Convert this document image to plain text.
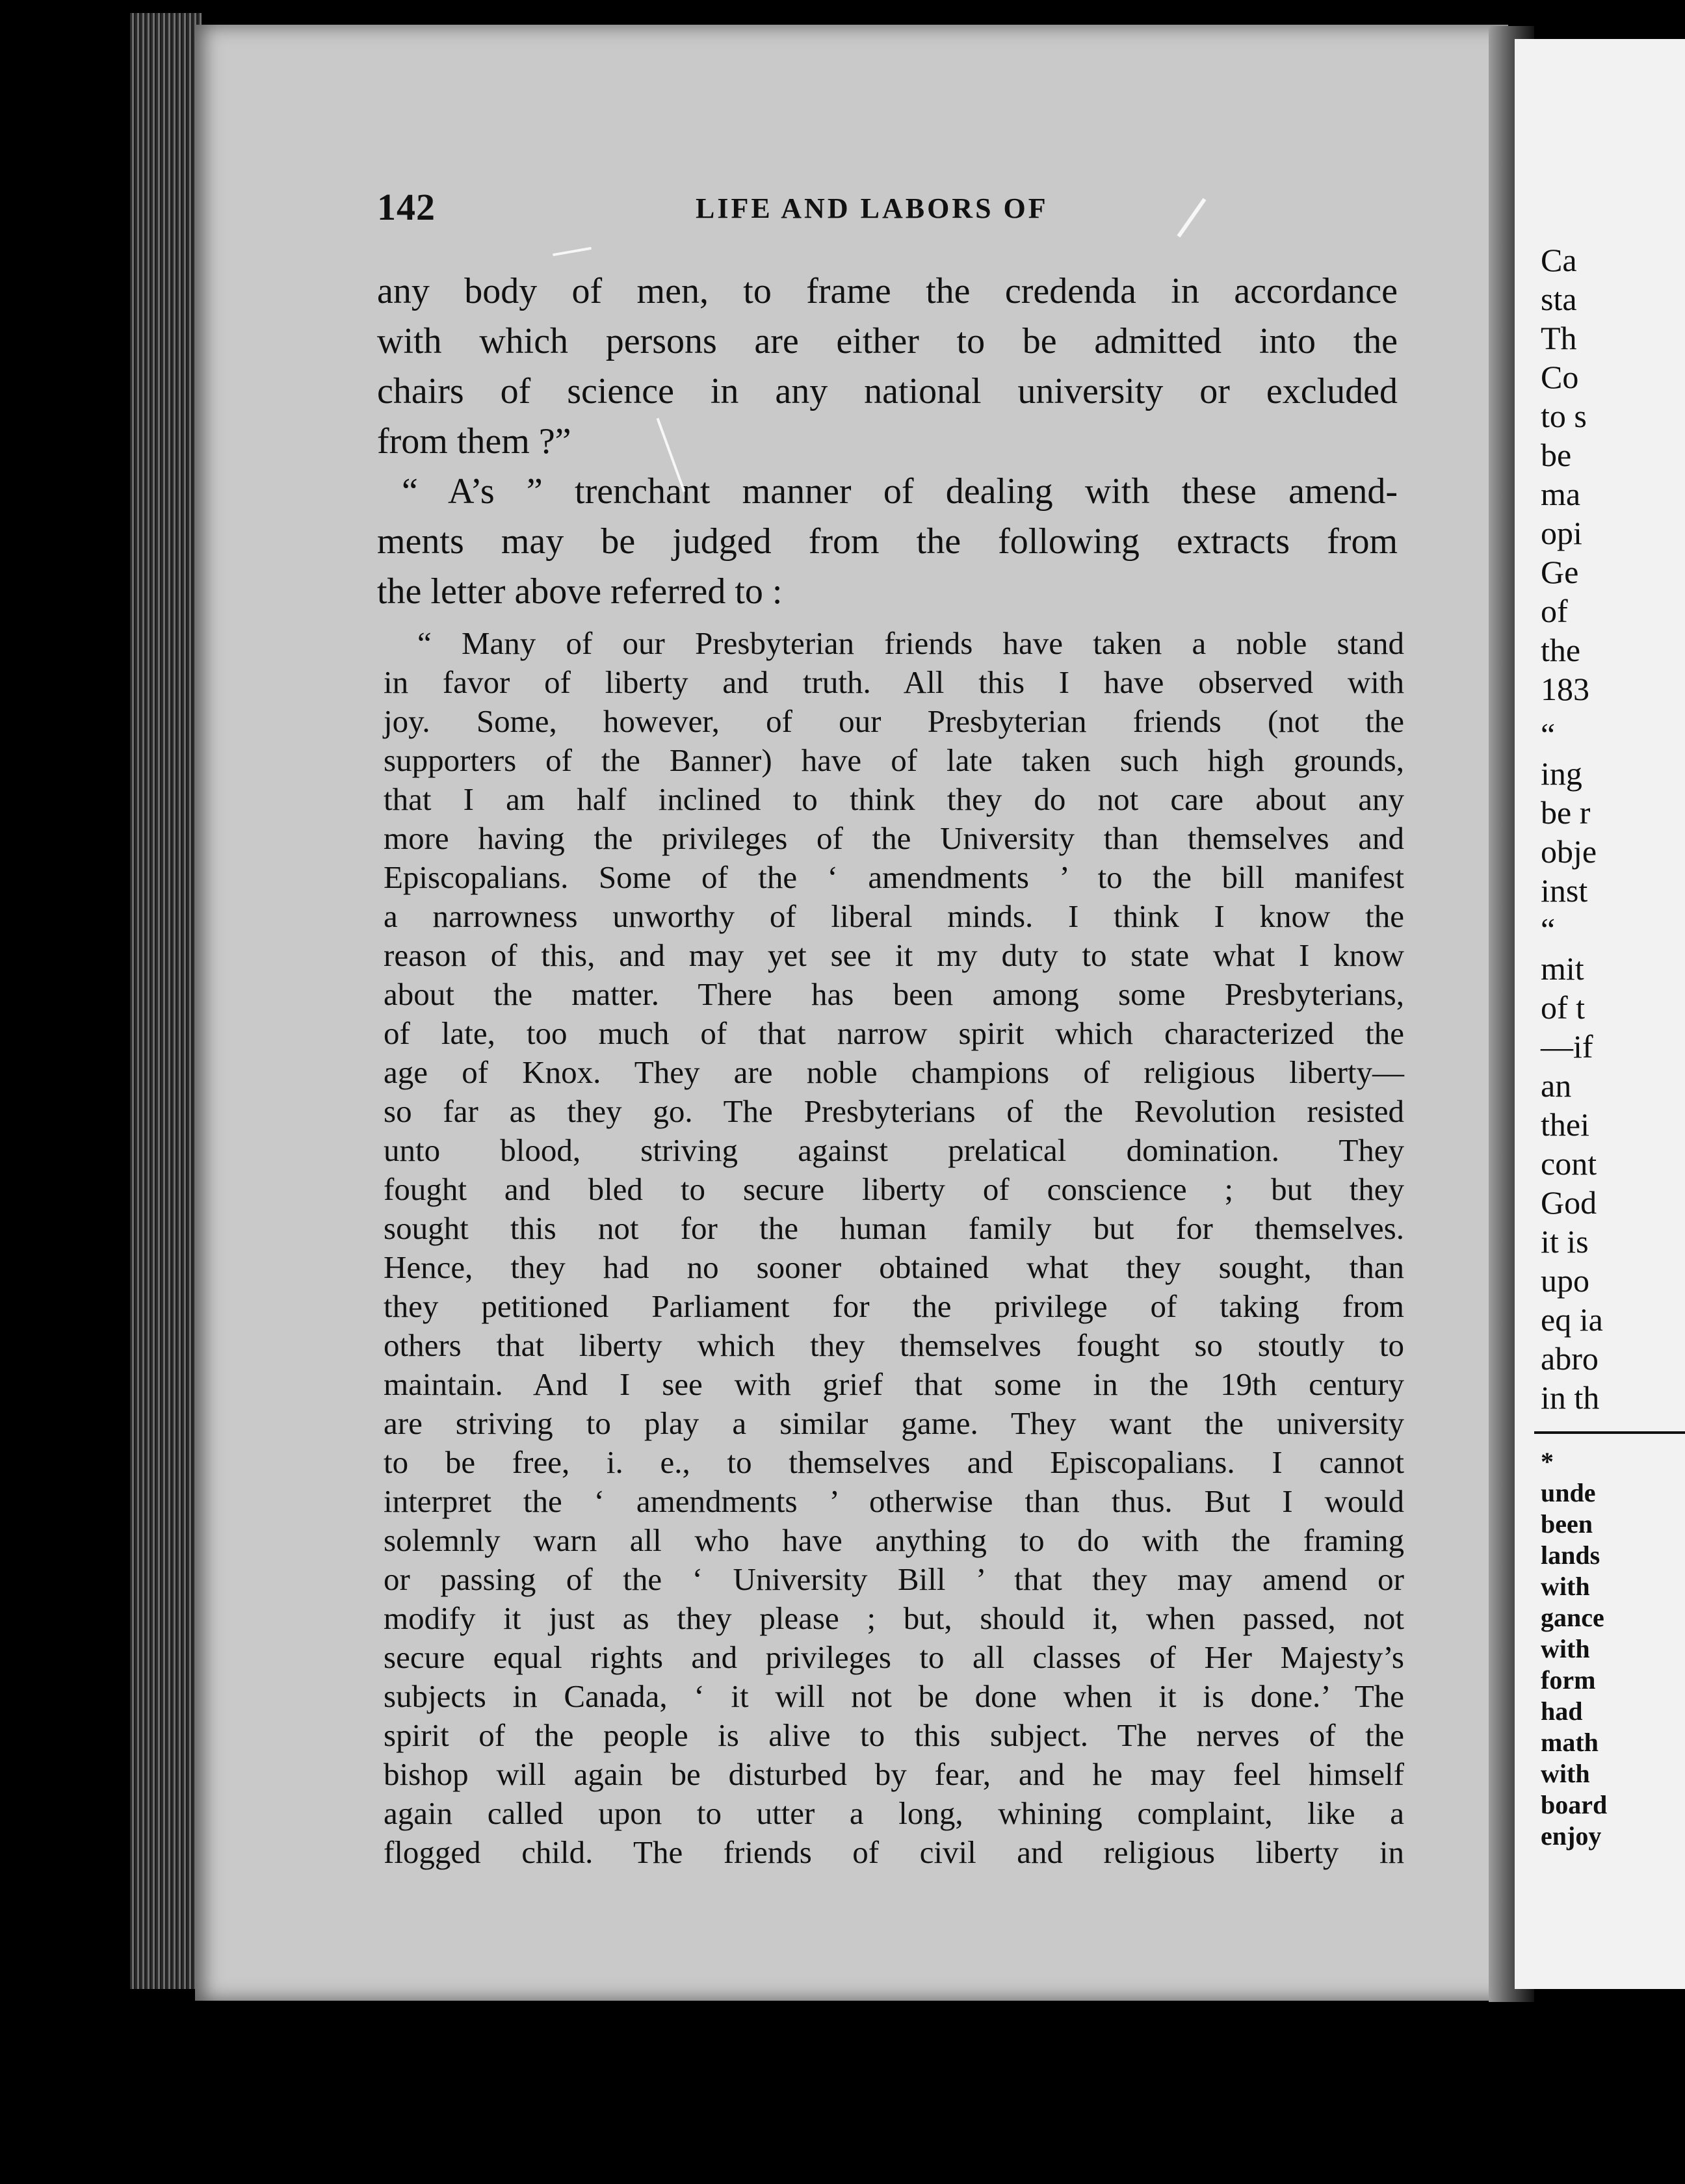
Ca
sta
Th
Co
to s
be
ma
opi
Ge
of
the
183
“
ing
be r
obje
inst
“
mit
of t
—if
an
thei
cont
God
it is
upo
eq ia
abro
in th
*
unde
been
lands
with
gance
with
form
had
math
with
board
enjoy
142	LIFE AND LABORS OF
any body of men, to frame the credenda in accordance
with which persons are either to be admitted into the
chairs of science in any national university or excluded
from them ?”
“ A’s ” trenchant manner of dealing with these amend-
ments may be judged from the following extracts from
the letter above referred to :
“ Many of our Presbyterian friends have taken a noble stand
in favor of liberty and truth. All this I have observed with
joy. Some, however, of our Presbyterian friends (not the
supporters of the Banner) have of late taken such high grounds,
that I am half inclined to think they do not care about any
more having the privileges of the University than themselves and
Episcopalians. Some of the ‘ amendments ’ to the bill manifest
a narrowness unworthy of liberal minds. I think I know the
reason of this, and may yet see it my duty to state what I know
about the matter. There has been among some Presbyterians,
of late, too much of that narrow spirit which characterized the
age of Knox. They are noble champions of religious liberty—
so far as they go. The Presbyterians of the Revolution resisted
unto blood, striving against prelatical domination. They
fought and bled to secure liberty of conscience ; but they
sought this not for the human family but for themselves.
Hence, they had no sooner obtained what they sought, than
they petitioned Parliament for the privilege of taking from
others that liberty which they themselves fought so stoutly to
maintain. And I see with grief that some in the 19th century
are striving to play a similar game. They want the university
to be free, i. e., to themselves and Episcopalians. I cannot
interpret the ‘ amendments ’ otherwise than thus. But I would
solemnly warn all who have anything to do with the framing
or passing of the ‘ University Bill ’ that they may amend or
modify it just as they please ; but, should it, when passed, not
secure equal rights and privileges to all classes of Her Majesty’s
subjects in Canada, ‘ it will not be done when it is done.’ The
spirit of the people is alive to this subject. The nerves of the
bishop will again be disturbed by fear, and he may feel himself
again called upon to utter a long, whining complaint, like a
flogged child. The friends of civil and religious liberty in
